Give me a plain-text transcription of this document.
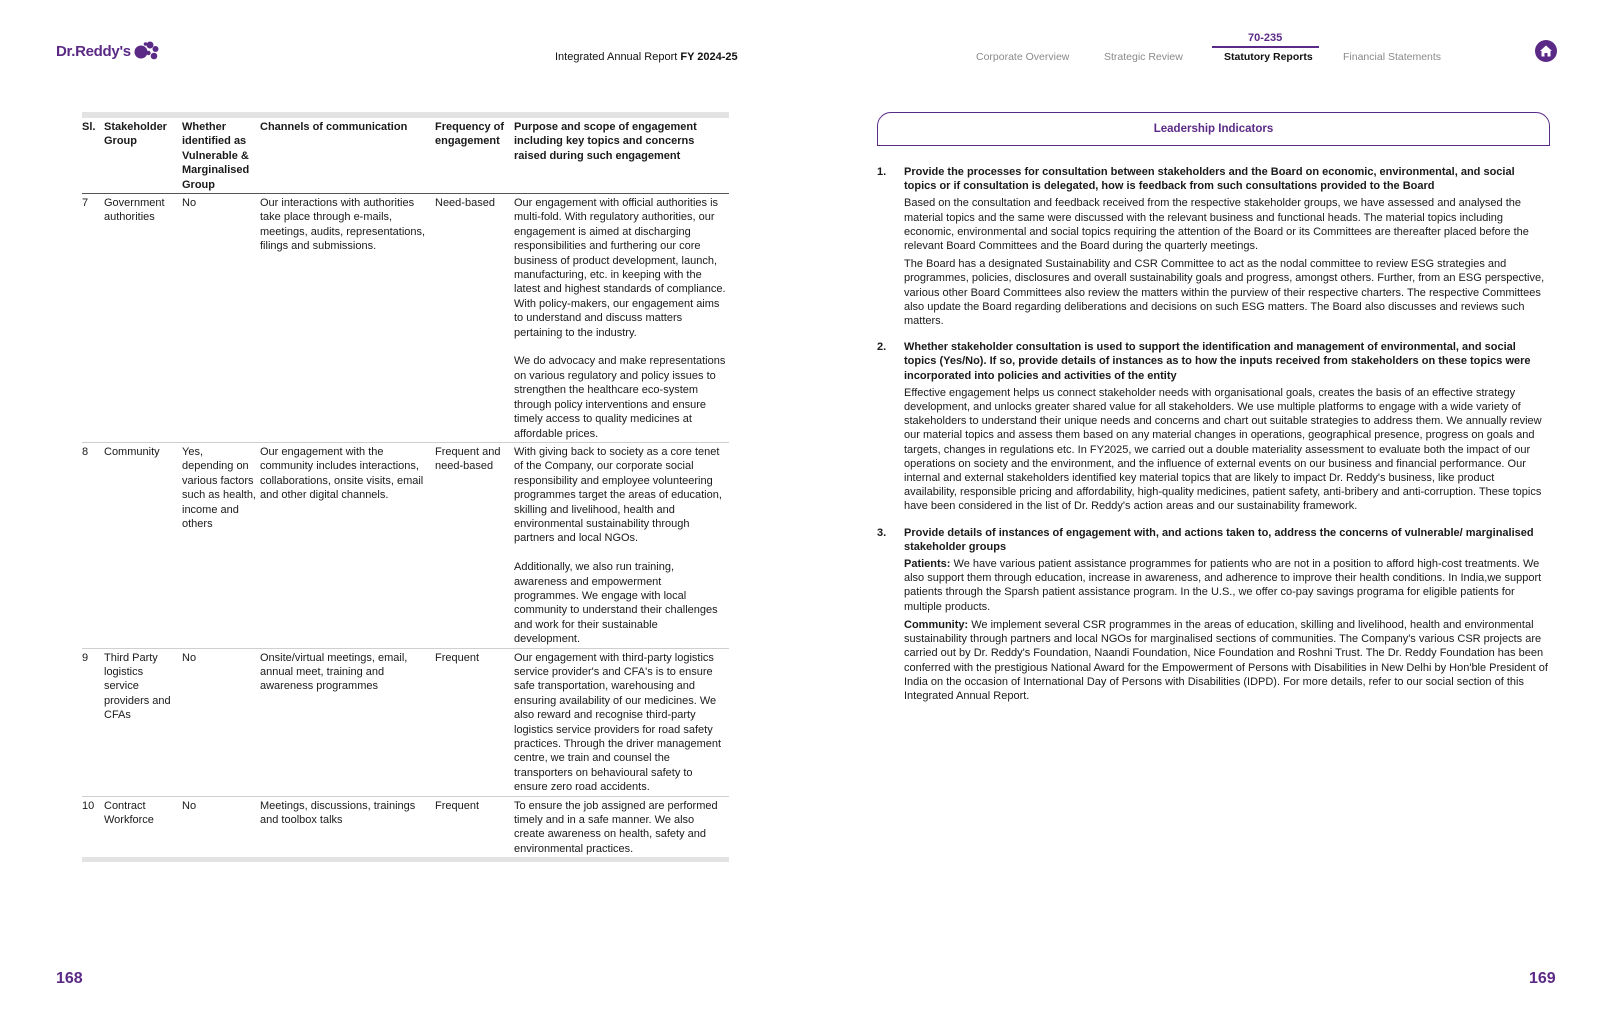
Dr.Reddy's	Integrated Annual Report FY 2024-25
70-235
Corporate Overview	Strategic Review	Statutory Reports	Financial Statements
Sl.	Stakeholder Group	Whether identified as Vulnerable & Marginalised Group	Channels of communication	Frequency of engagement	Purpose and scope of engagement including key topics and concerns raised during such engagement
7	Government authorities	No	Our interactions with authorities take place through e-mails, meetings, audits, representations, filings and submissions.	Need-based	Our engagement with official authorities is multi-fold. With regulatory authorities, our engagement is aimed at discharging responsibilities and furthering our core business of product development, launch, manufacturing, etc. in keeping with the latest and highest standards of compliance. With policy-makers, our engagement aims to understand and discuss matters pertaining to the industry.
We do advocacy and make representations on various regulatory and policy issues to strengthen the healthcare eco-system through policy interventions and ensure timely access to quality medicines at affordable prices.

8	Community	Yes, depending on various factors such as health, income and others	Our engagement with the community includes interactions, collaborations, onsite visits, email and other digital channels.	Frequent and need-based	With giving back to society as a core tenet of the Company, our corporate social responsibility and employee volunteering programmes target the areas of education, skilling and livelihood, health and environmental sustainability through partners and local NGOs.
Additionally, we also run training, awareness and empowerment programmes. We engage with local community to understand their challenges and work for their sustainable development.

9	Third Party logistics service providers and CFAs	No	Onsite/virtual meetings, email, annual meet, training and awareness programmes	Frequent	Our engagement with third-party logistics service provider's and CFA's is to ensure safe transportation, warehousing and ensuring availability of our medicines. We also reward and recognise third-party logistics service providers for road safety practices. Through the driver management centre, we train and counsel the transporters on behavioural safety to ensure zero road accidents.

10	Contract Workforce	No	Meetings, discussions, trainings and toolbox talks	Frequent	To ensure the job assigned are performed timely and in a safe manner. We also create awareness on health, safety and environmental practices.
Leadership Indicators
1.	Provide the processes for consultation between stakeholders and the Board on economic, environmental, and social topics or if consultation is delegated, how is feedback from such consultations provided to the Board
Based on the consultation and feedback received from the respective stakeholder groups, we have assessed and analysed the material topics and the same were discussed with the relevant business and functional heads. The material topics including economic, environmental and social topics requiring the attention of the Board or its Committees are thereafter placed before the relevant Board Committees and the Board during the quarterly meetings.
The Board has a designated Sustainability and CSR Committee to act as the nodal committee to review ESG strategies and programmes, policies, disclosures and overall sustainability goals and progress, amongst others. Further, from an ESG perspective, various other Board Committees also review the matters within the purview of their respective charters. The respective Committees also update the Board regarding deliberations and decisions on such ESG matters. The Board also discusses and reviews such matters.
2.	Whether stakeholder consultation is used to support the identification and management of environmental, and social topics (Yes/No). If so, provide details of instances as to how the inputs received from stakeholders on these topics were incorporated into policies and activities of the entity
Effective engagement helps us connect stakeholder needs with organisational goals, creates the basis of an effective strategy development, and unlocks greater shared value for all stakeholders. We use multiple platforms to engage with a wide variety of stakeholders to understand their unique needs and concerns and chart out suitable strategies to address them. We annually review our material topics and assess them based on any material changes in operations, geographical presence, progress on goals and targets, changes in regulations etc. In FY2025, we carried out a double materiality assessment to evaluate both the impact of our operations on society and the environment, and the influence of external events on our business and financial performance. Our internal and external stakeholders identified key material topics that are likely to impact Dr. Reddy's business, like product availability, responsible pricing and affordability, high-quality medicines, patient safety, anti-bribery and anti-corruption. These topics have been considered in the list of Dr. Reddy's action areas and our sustainability framework.
3.	Provide details of instances of engagement with, and actions taken to, address the concerns of vulnerable/ marginalised stakeholder groups
Patients: We have various patient assistance programmes for patients who are not in a position to afford high-cost treatments. We also support them through education, increase in awareness, and adherence to improve their health conditions. In India,we support patients through the Sparsh patient assistance program. In the U.S., we offer co-pay savings programa for eligible patients for multiple products.
Community: We implement several CSR programmes in the areas of education, skilling and livelihood, health and environmental sustainability through partners and local NGOs for marginalised sections of communities. The Company's various CSR projects are carried out by Dr. Reddy's Foundation, Naandi Foundation, Nice Foundation and Roshni Trust. The Dr. Reddy Foundation has been conferred with the prestigious National Award for the Empowerment of Persons with Disabilities in New Delhi by Hon'ble President of India on the occasion of International Day of Persons with Disabilities (IDPD). For more details, refer to our social section of this Integrated Annual Report.
168	169
